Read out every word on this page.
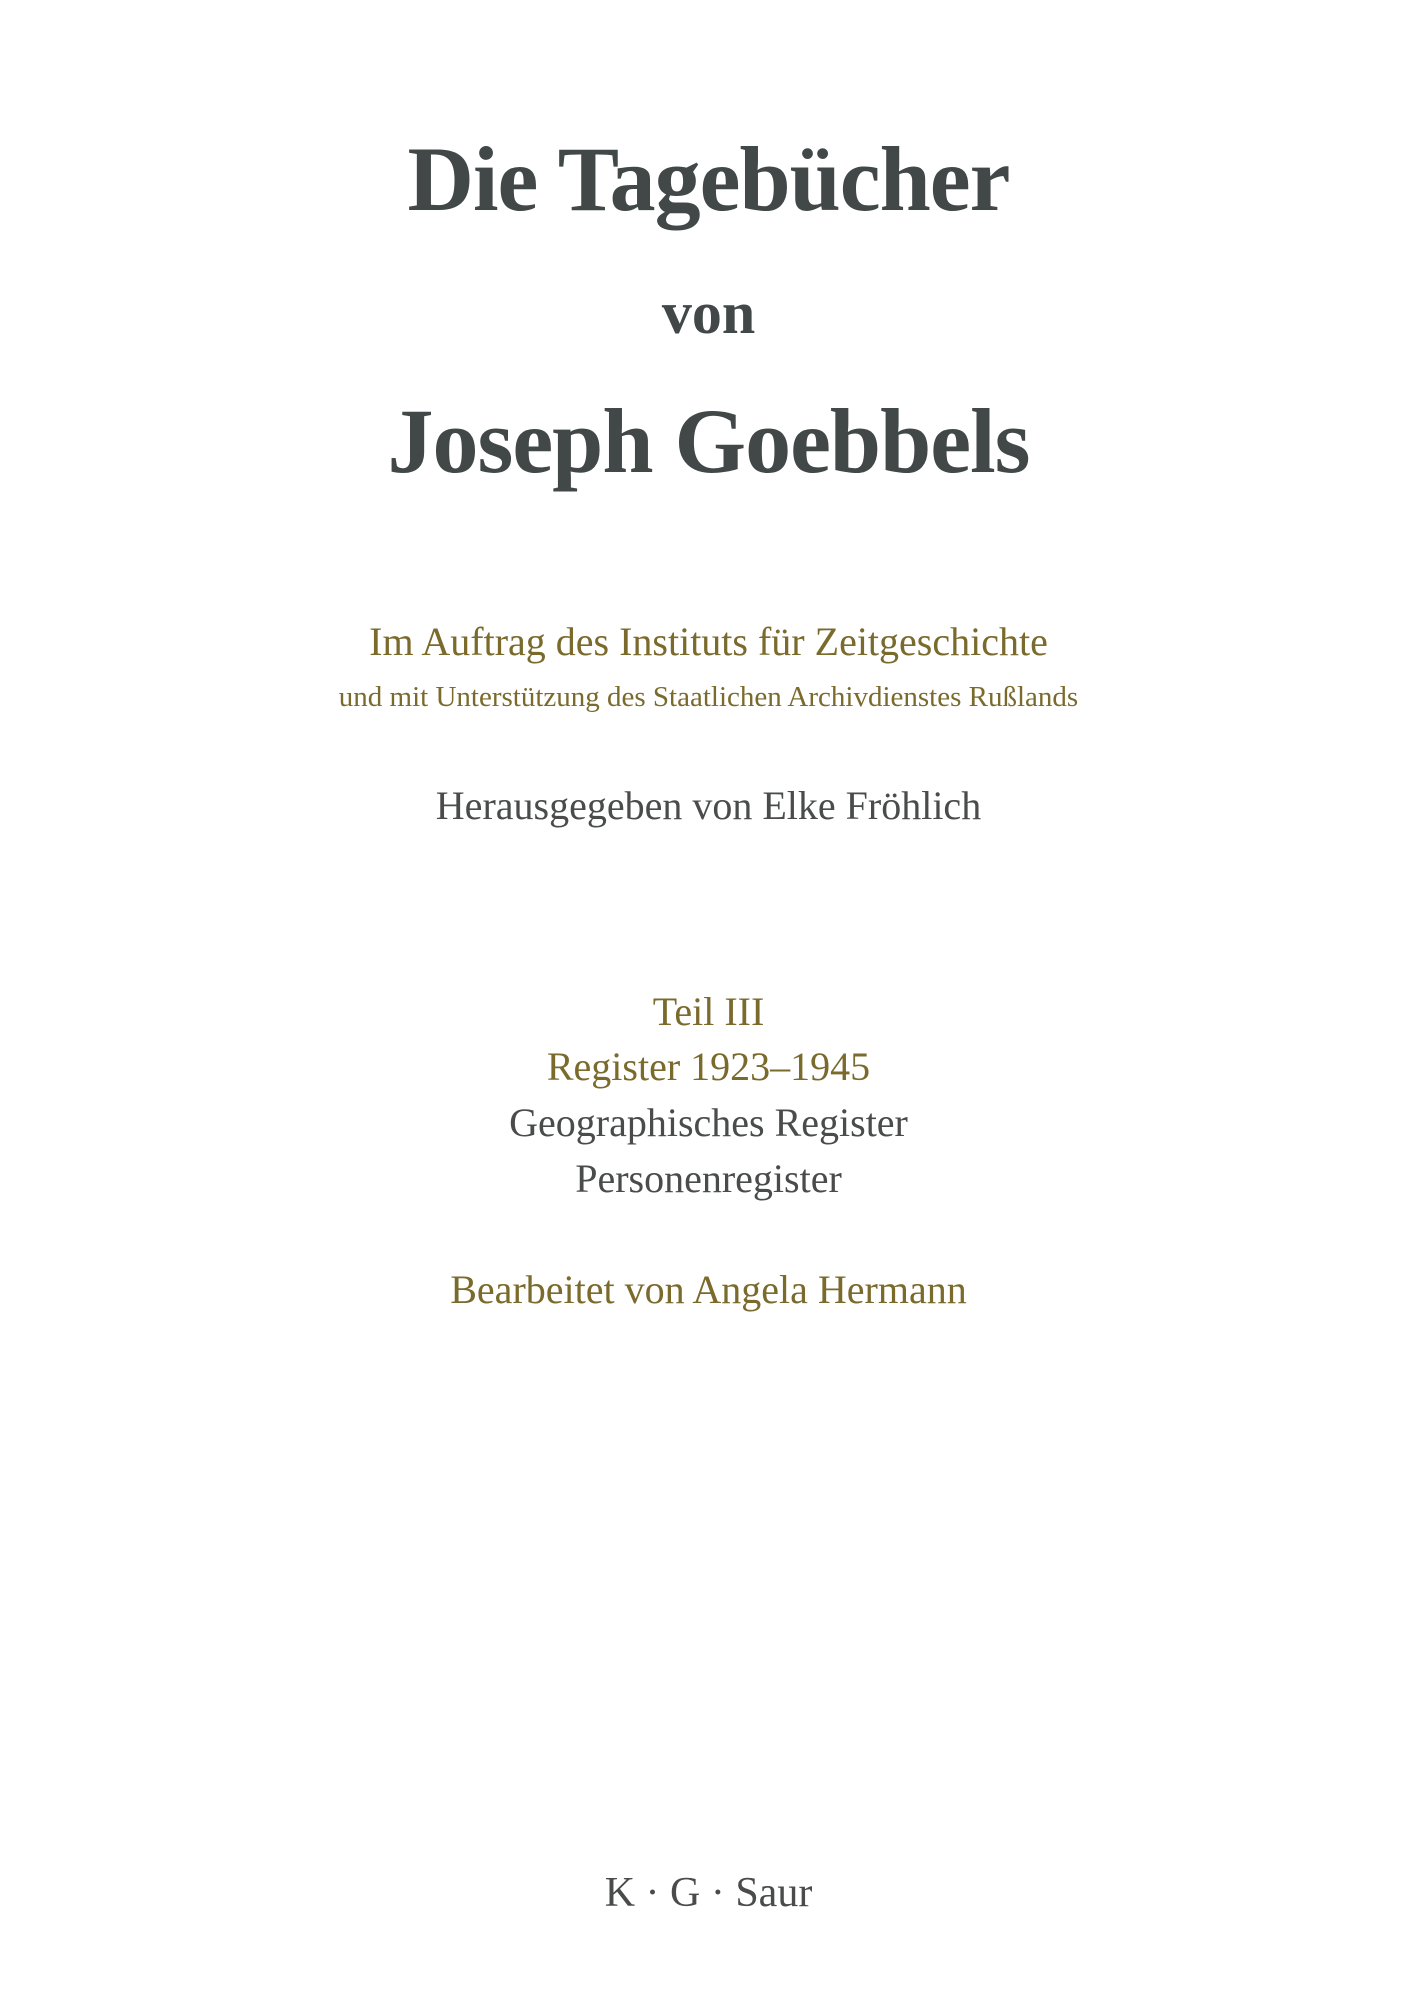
Die Tagebücher
von
Joseph Goebbels
Im Auftrag des Instituts für Zeitgeschichte
und mit Unterstützung des Staatlichen Archivdienstes Rußlands
Herausgegeben von Elke Fröhlich
Teil III
Register 1923–1945
Geographisches Register
Personenregister
Bearbeitet von Angela Hermann
K · G · Saur
